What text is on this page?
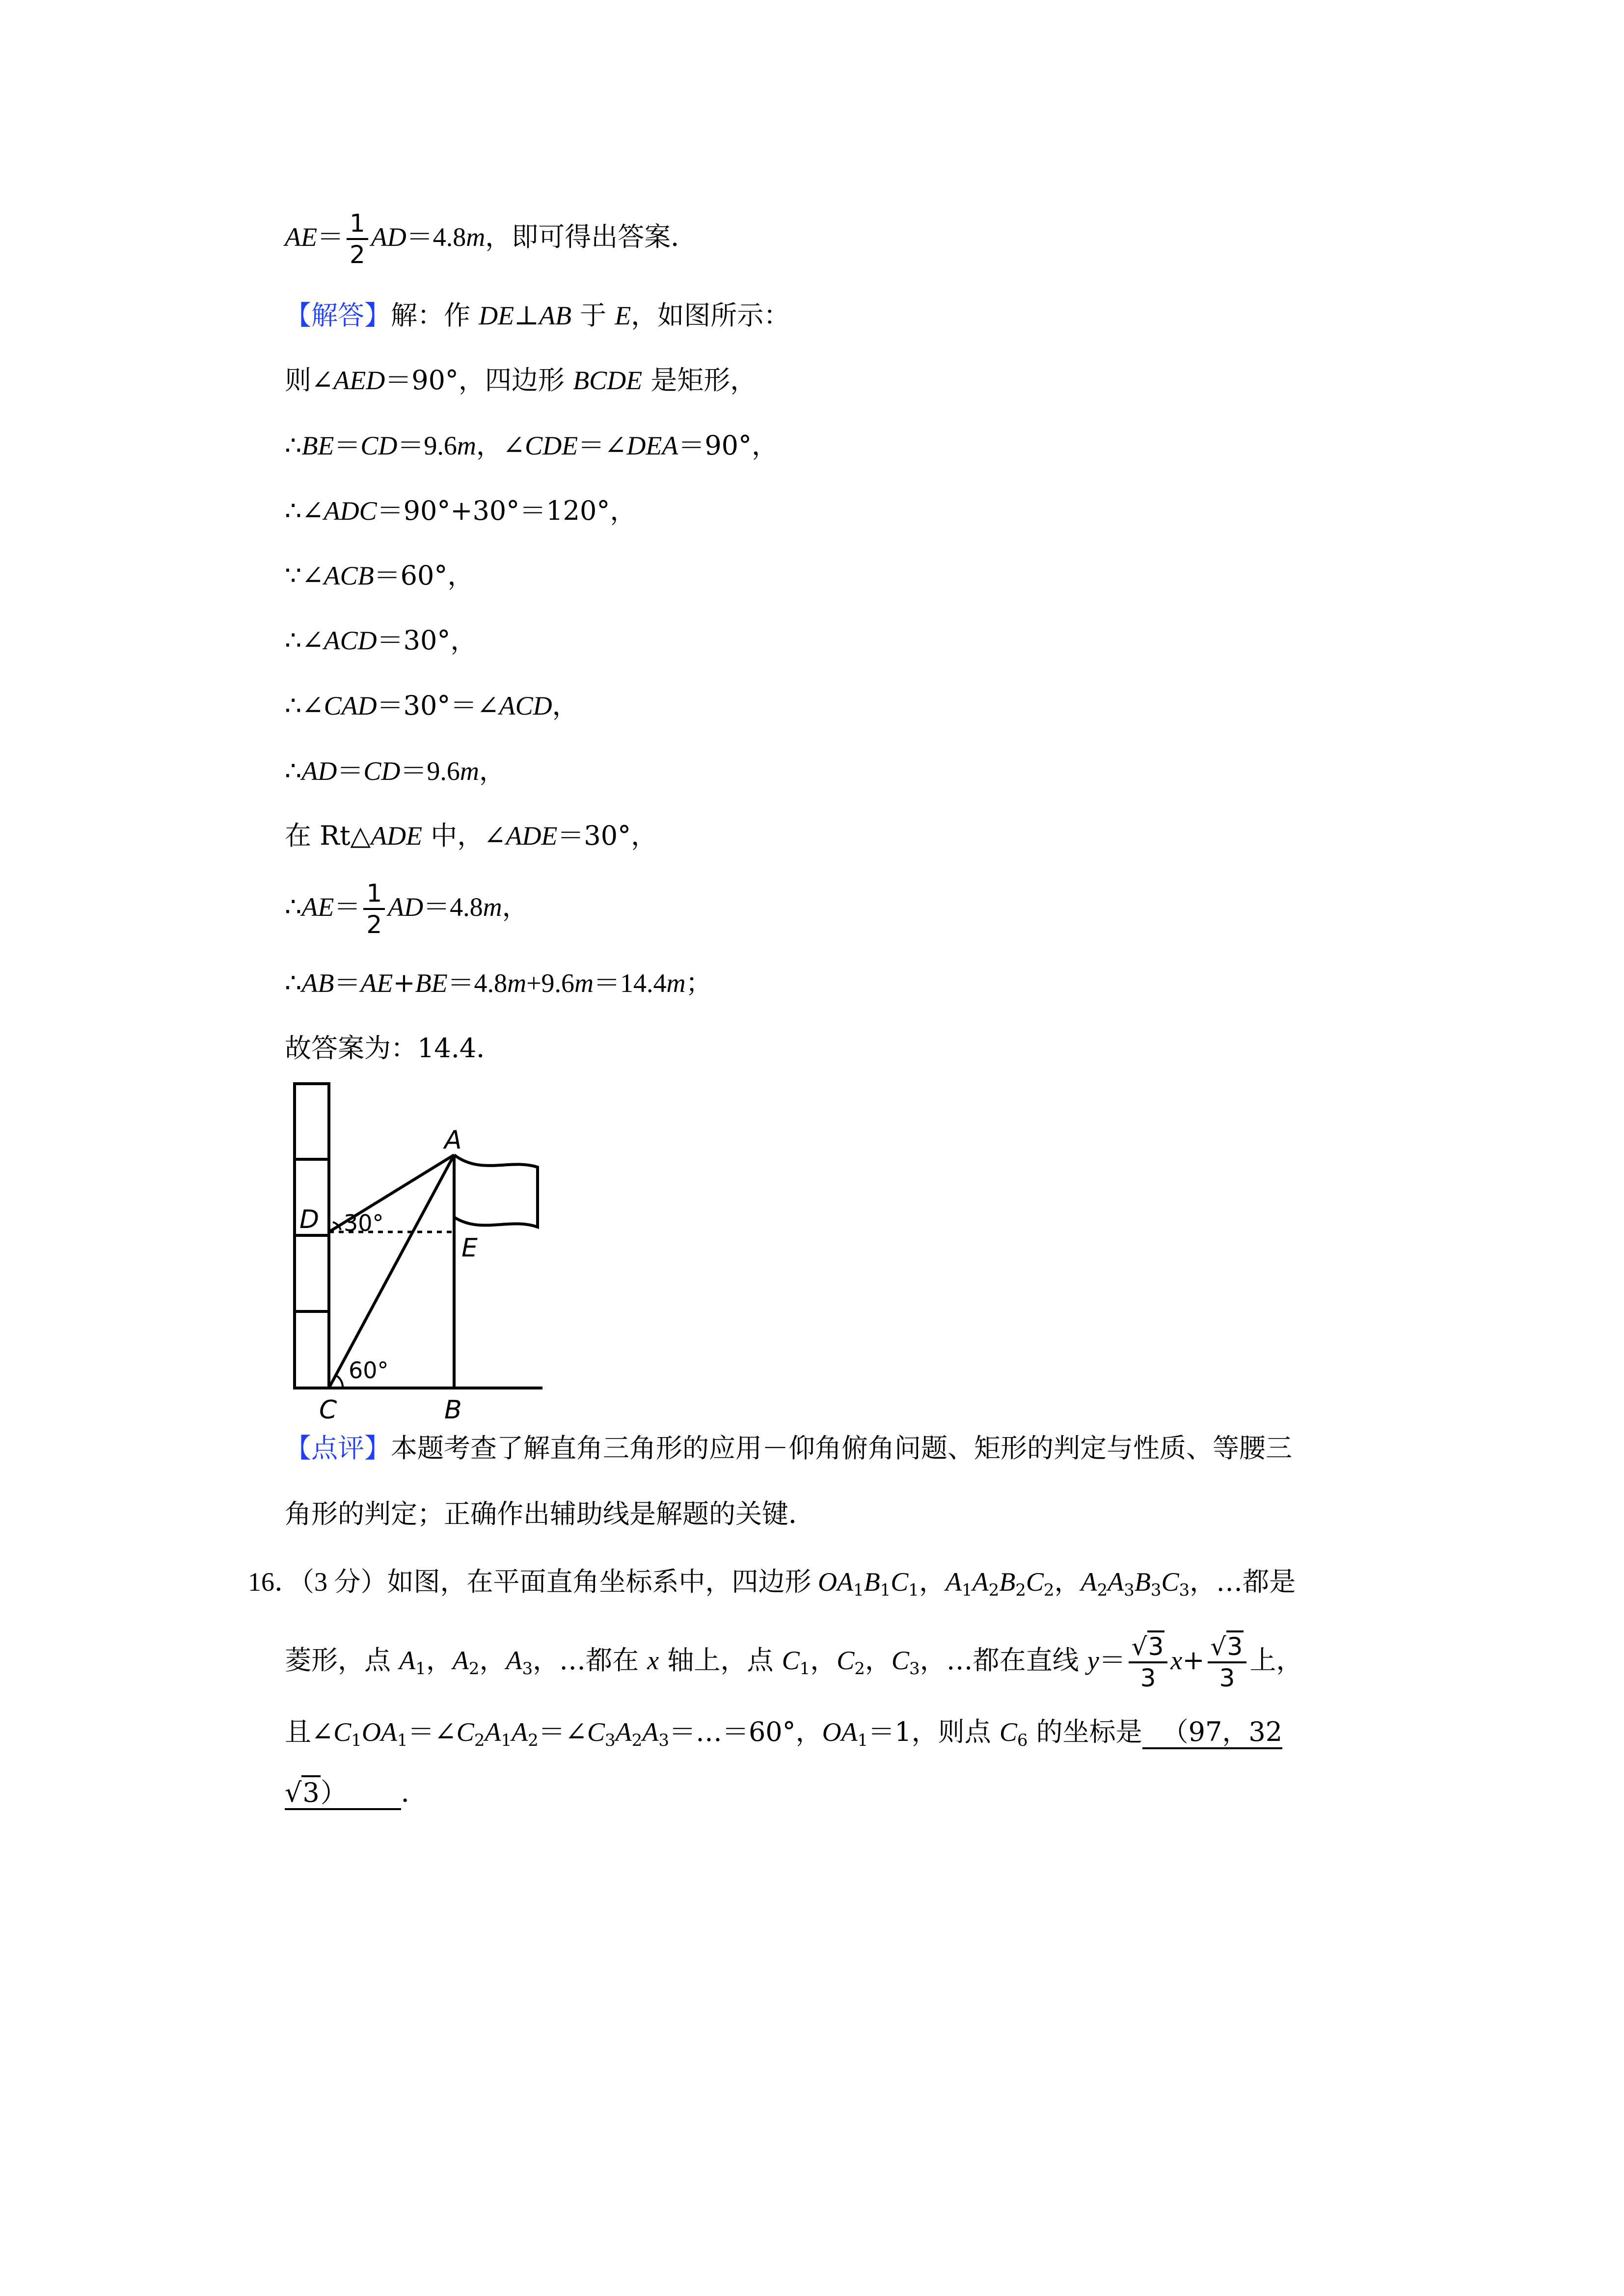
$AE= \frac{1}{2} AD=4.8m$，即可得出答案．
【解答】解：作 DE⊥AB 于 E，如图所示：
则∠AED＝90°，四边形 BCDE 是矩形，
∴BE＝CD＝9.6m，∠CDE＝∠DEA＝90°，
∴∠ADC＝90°+30°＝120°，
∵∠ACB＝60°，
∴∠ACD＝30°，
∴∠CAD＝30°＝∠ACD，
∴AD＝CD＝9.6m，
在 Rt△ADE 中，∠ADE＝30°，
∴AE＝ $\frac{1}{2} AD=4.8m$，
∴AB＝AE+BE＝4.8m+9.6m＝14.4m；
故答案为：14.4．
A
D
E
C	B
30°
60°
【点评】本题考查了解直角三角形的应用－仰角俯角问题、矩形的判定与性质、等腰三
角形的判定；正确作出辅助线是解题的关键．
16．（3 分）如图，在平面直角坐标系中，四边形 $OA_1B_1C_1$，$A_1A_2B_2C_2$，$A_2A_3B_3C_3$，…都是
菱形，点 $A_1$，$A_2$，$A_3$，…都在 x 轴上，点 $C_1$，$C_2$，$C_3$，…都在直线 $y= \frac{√3}{3} x+ \frac{√3}{3}$ 上，
且$\angle C_1OA_1=\angle C_2A_1A_2=\angle C_3A_2A_3=\dots=60^\circ$，$OA_1=1$，则点 $C_6$ 的坐标是 （97，32
√3） ．
